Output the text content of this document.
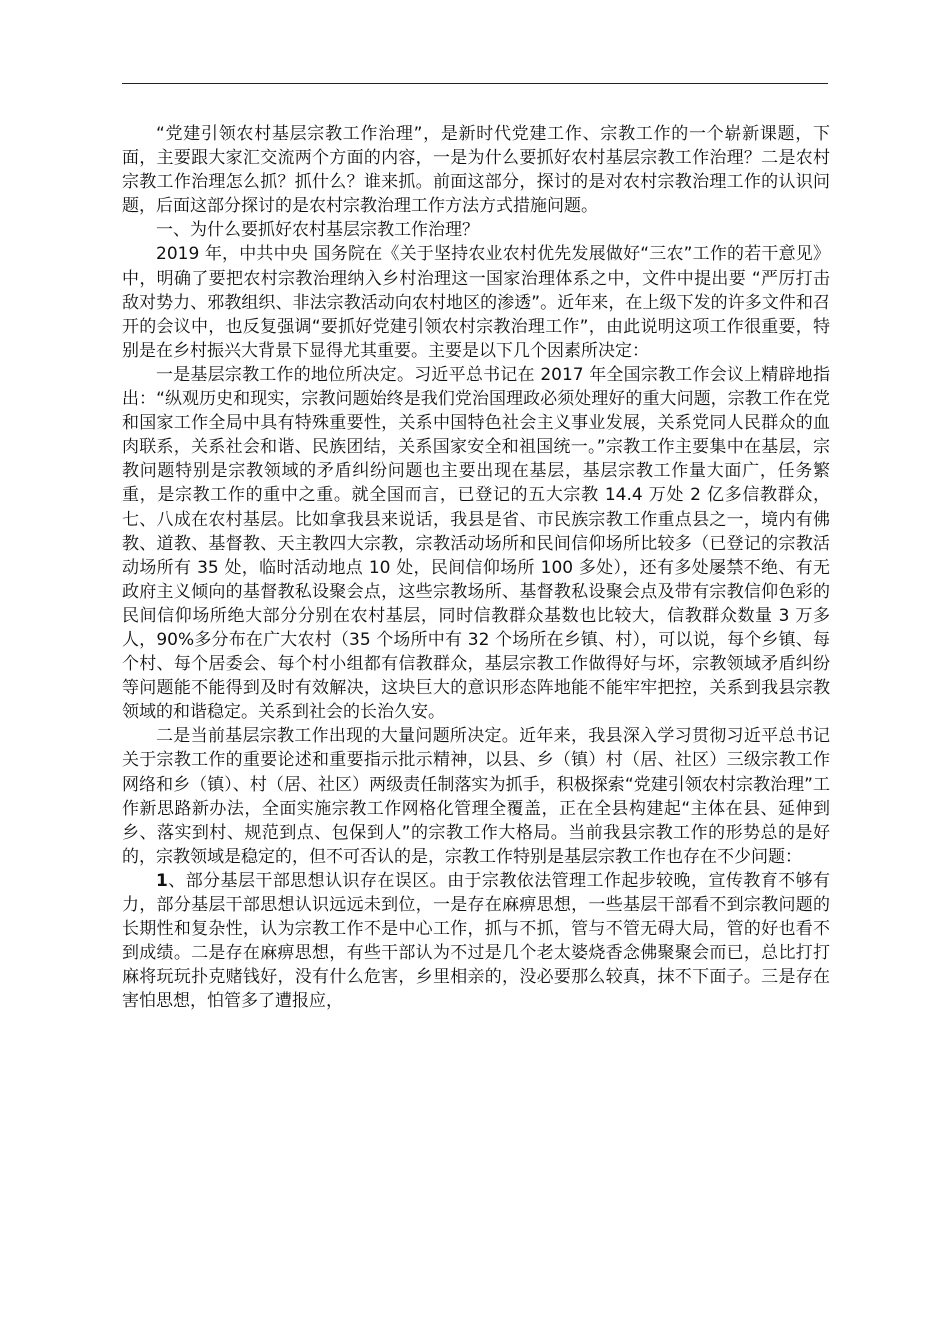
“党建引领农村基层宗教工作治理”，是新时代党建工作、宗教工作的一个崭新课题，下面，主要跟大家汇交流两个方面的内容，一是为什么要抓好农村基层宗教工作治理？二是农村宗教工作治理怎么抓？抓什么？谁来抓。前面这部分，探讨的是对农村宗教治理工作的认识问题，后面这部分探讨的是农村宗教治理工作方法方式措施问题。

一、为什么要抓好农村基层宗教工作治理？

2019 年，中共中央 国务院在《关于坚持农业农村优先发展做好“三农”工作的若干意见》中，明确了要把农村宗教治理纳入乡村治理这一国家治理体系之中，文件中提出要 “严厉打击敌对势力、邪教组织、非法宗教活动向农村地区的渗透”。近年来，在上级下发的许多文件和召开的会议中，也反复强调“要抓好党建引领农村宗教治理工作”，由此说明这项工作很重要，特别是在乡村振兴大背景下显得尤其重要。主要是以下几个因素所决定：

一是基层宗教工作的地位所决定。习近平总书记在 2017 年全国宗教工作会议上精辟地指出：“纵观历史和现实，宗教问题始终是我们党治国理政必须处理好的重大问题，宗教工作在党和国家工作全局中具有特殊重要性，关系中国特色社会主义事业发展，关系党同人民群众的血肉联系，关系社会和谐、民族团结，关系国家安全和祖国统一。”宗教工作主要集中在基层，宗教问题特别是宗教领域的矛盾纠纷问题也主要出现在基层，基层宗教工作量大面广，任务繁重，是宗教工作的重中之重。就全国而言，已登记的五大宗教 14.4 万处 2 亿多信教群众，七、八成在农村基层。比如拿我县来说话，我县是省、市民族宗教工作重点县之一，境内有佛教、道教、基督教、天主教四大宗教，宗教活动场所和民间信仰场所比较多（已登记的宗教活动场所有 35 处，临时活动地点 10 处，民间信仰场所 100 多处），还有多处屡禁不绝、有无政府主义倾向的基督教私设聚会点，这些宗教场所、基督教私设聚会点及带有宗教信仰色彩的民间信仰场所绝大部分分别在农村基层，同时信教群众基数也比较大，信教群众数量 3 万多人，90%多分布在广大农村（35 个场所中有 32 个场所在乡镇、村），可以说，每个乡镇、每个村、每个居委会、每个村小组都有信教群众，基层宗教工作做得好与坏，宗教领域矛盾纠纷等问题能不能得到及时有效解决，这块巨大的意识形态阵地能不能牢牢把控，关系到我县宗教领域的和谐稳定。关系到社会的长治久安。

二是当前基层宗教工作出现的大量问题所决定。近年来，我县深入学习贯彻习近平总书记关于宗教工作的重要论述和重要指示批示精神，以县、乡（镇）村（居、社区）三级宗教工作网络和乡（镇）、村（居、社区）两级责任制落实为抓手，积极探索“党建引领农村宗教治理”工作新思路新办法，全面实施宗教工作网格化管理全覆盖，正在全县构建起“主体在县、延伸到乡、落实到村、规范到点、包保到人”的宗教工作大格局。当前我县宗教工作的形势总的是好的，宗教领域是稳定的，但不可否认的是，宗教工作特别是基层宗教工作也存在不少问题：

1、部分基层干部思想认识存在误区。由于宗教依法管理工作起步较晚，宣传教育不够有力，部分基层干部思想认识远远未到位，一是存在麻痹思想，一些基层干部看不到宗教问题的长期性和复杂性，认为宗教工作不是中心工作，抓与不抓，管与不管无碍大局，管的好也看不到成绩。二是存在麻痹思想，有些干部认为不过是几个老太婆烧香念佛聚聚会而已，总比打打麻将玩玩扑克赌钱好，没有什么危害，乡里相亲的，没必要那么较真，抹不下面子。三是存在害怕思想，怕管多了遭报应，
